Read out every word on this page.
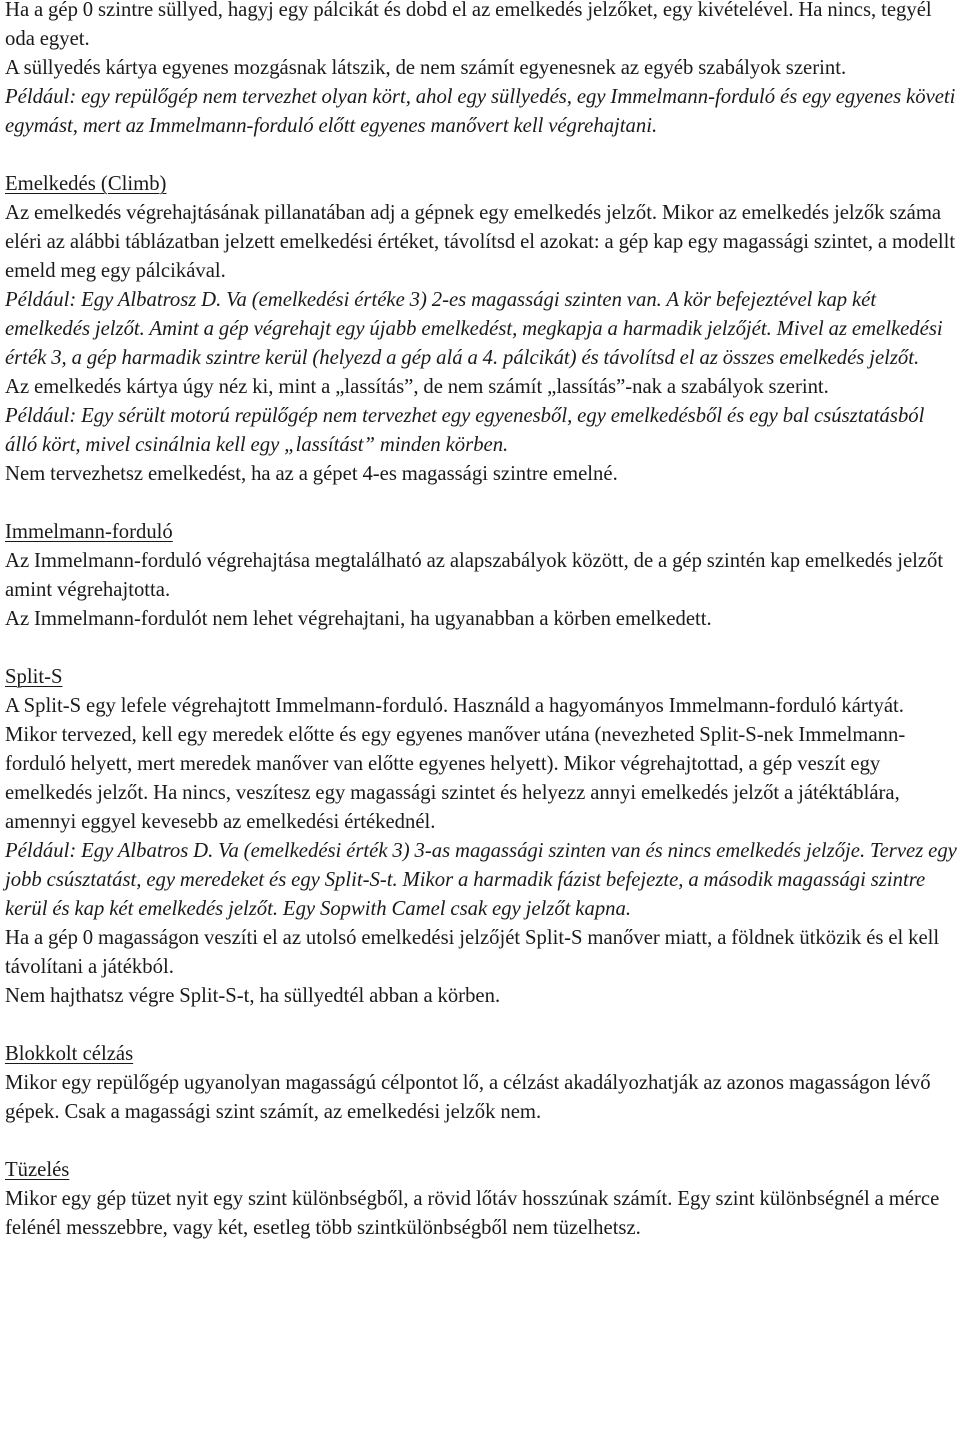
Ha a gép 0 szintre süllyed, hagyj egy pálcikát és dobd el az emelkedés jelzőket, egy kivételével. Ha nincs, tegyél oda egyet.

A süllyedés kártya egyenes mozgásnak látszik, de nem számít egyenesnek az egyéb szabályok szerint.

Például: egy repülőgép nem tervezhet olyan kört, ahol egy süllyedés, egy Immelmann-forduló és egy egyenes követi egymást, mert az Immelmann-forduló előtt egyenes manővert kell végrehajtani.

Emelkedés (Climb)

Az emelkedés végrehajtásának pillanatában adj a gépnek egy emelkedés jelzőt. Mikor az emelkedés jelzők száma eléri az alábbi táblázatban jelzett emelkedési értéket, távolítsd el azokat: a gép kap egy magassági szintet, a modellt emeld meg egy pálcikával.

Például: Egy Albatrosz D. Va (emelkedési értéke 3) 2-es magassági szinten van. A kör befejeztével kap két emelkedés jelzőt. Amint a gép végrehajt egy újabb emelkedést, megkapja a harmadik jelzőjét. Mivel az emelkedési érték 3, a gép harmadik szintre kerül (helyezd a gép alá a 4. pálcikát) és távolítsd el az összes emelkedés jelzőt.

Az emelkedés kártya úgy néz ki, mint a „lassítás”, de nem számít „lassítás”-nak a szabályok szerint.

Például: Egy sérült motorú repülőgép nem tervezhet egy egyenesből, egy emelkedésből és egy bal csúsztatásból álló kört, mivel csinálnia kell egy „lassítást” minden körben.

Nem tervezhetsz emelkedést, ha az a gépet 4-es magassági szintre emelné.

Immelmann-forduló

Az Immelmann-forduló végrehajtása megtalálható az alapszabályok között, de a gép szintén kap emelkedés jelzőt amint végrehajtotta.

Az Immelmann-fordulót nem lehet végrehajtani, ha ugyanabban a körben emelkedett.

Split-S

A Split-S egy lefele végrehajtott Immelmann-forduló. Használd a hagyományos Immelmann-forduló kártyát. Mikor tervezed, kell egy meredek előtte és egy egyenes manőver utána (nevezheted Split-S-nek Immelmann-forduló helyett, mert meredek manőver van előtte egyenes helyett). Mikor végrehajtottad, a gép veszít egy emelkedés jelzőt. Ha nincs, veszítesz egy magassági szintet és helyezz annyi emelkedés jelzőt a játéktáblára, amennyi eggyel kevesebb az emelkedési értékednél.

Például: Egy Albatros D. Va (emelkedési érték 3) 3-as magassági szinten van és nincs emelkedés jelzője. Tervez egy jobb csúsztatást, egy meredeket és egy Split-S-t. Mikor a harmadik fázist befejezte, a második magassági szintre kerül és kap két emelkedés jelzőt. Egy Sopwith Camel csak egy jelzőt kapna.

Ha a gép 0 magasságon veszíti el az utolsó emelkedési jelzőjét Split-S manőver miatt, a földnek ütközik és el kell távolítani a játékból.

Nem hajthatsz végre Split-S-t, ha süllyedtél abban a körben.

Blokkolt célzás

Mikor egy repülőgép ugyanolyan magasságú célpontot lő, a célzást akadályozhatják az azonos magasságon lévő gépek. Csak a magassági szint számít, az emelkedési jelzők nem.

Tüzelés

Mikor egy gép tüzet nyit egy szint különbségből, a rövid lőtáv hosszúnak számít. Egy szint különbségnél a mérce felénél messzebbre, vagy két, esetleg több szintkülönbségből nem tüzelhetsz.
